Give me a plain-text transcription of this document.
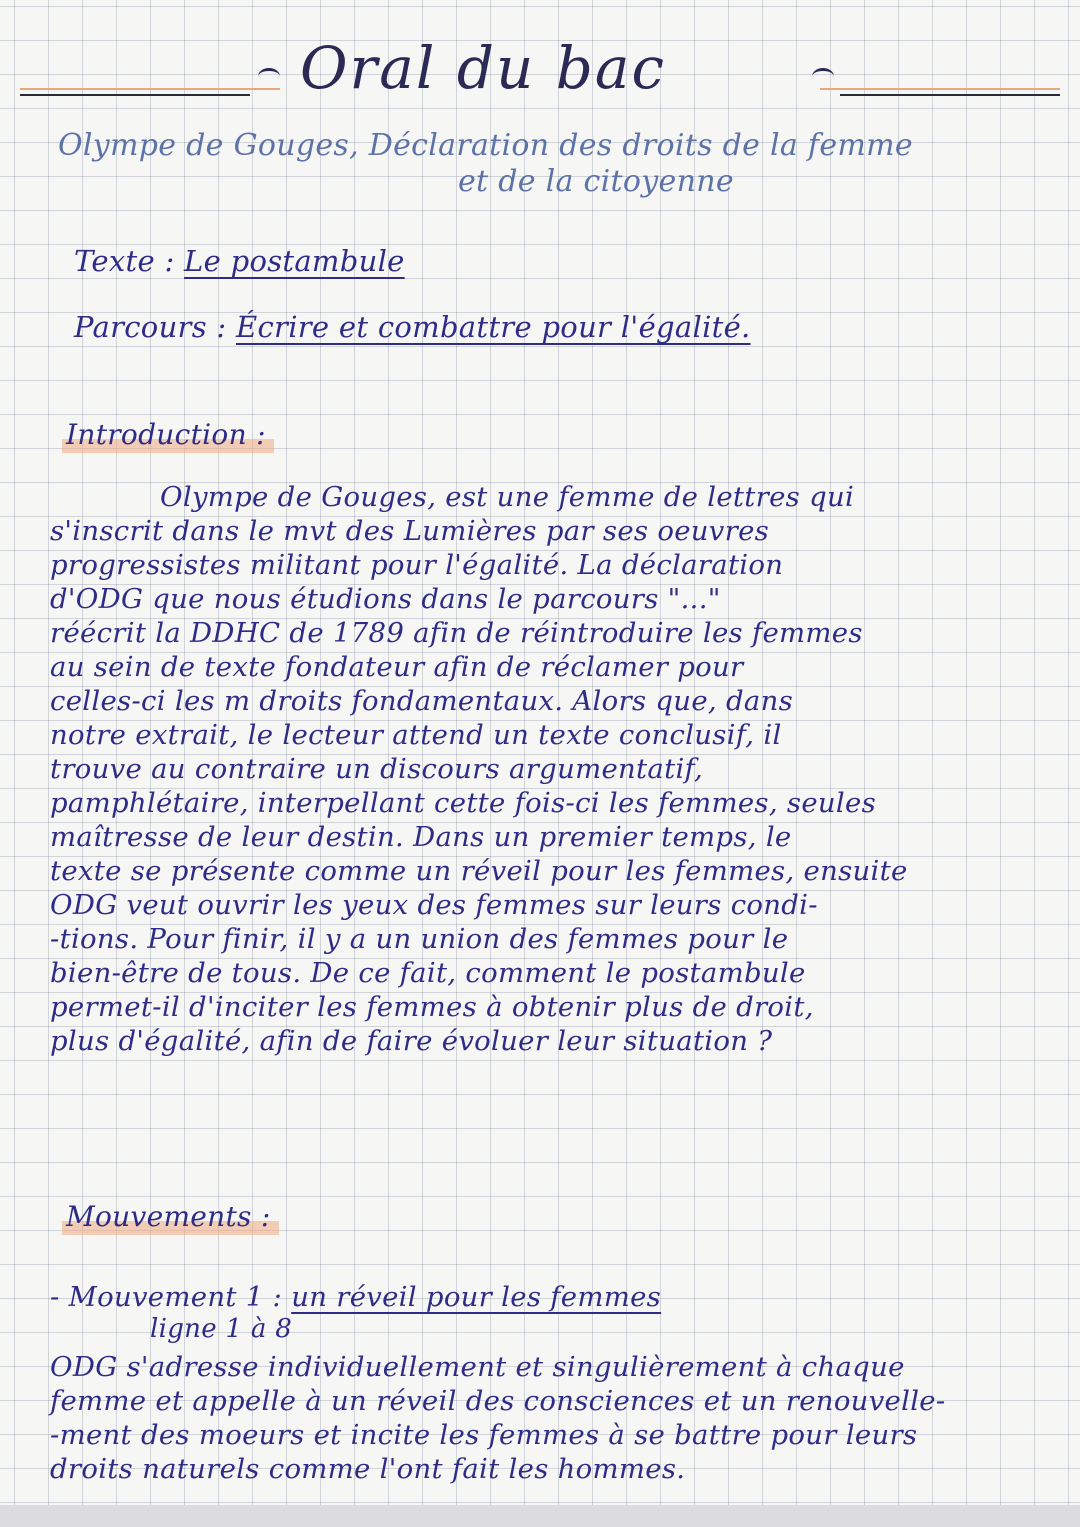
Oral du bac
Olympe de Gouges, Déclaration des droits de la femme
et de la citoyenne
Texte : Le postambule
Parcours : Écrire et combattre pour l'égalité.
Introduction :
Olympe de Gouges, est une femme de lettres qui
s'inscrit dans le mvt des Lumières par ses oeuvres
progressistes militant pour l'égalité. La déclaration
d'ODG que nous étudions dans le parcours "..."
réécrit la DDHC de 1789 afin de réintroduire les femmes
au sein de texte fondateur afin de réclamer pour
celles-ci les m droits fondamentaux. Alors que, dans
notre extrait, le lecteur attend un texte conclusif, il
trouve au contraire un discours argumentatif,
pamphlétaire, interpellant cette fois-ci les femmes, seules
maîtresse de leur destin. Dans un premier temps, le
texte se présente comme un réveil pour les femmes, ensuite
ODG veut ouvrir les yeux des femmes sur leurs condi-
-tions. Pour finir, il y a un union des femmes pour le
bien-être de tous. De ce fait, comment le postambule
permet-il d'inciter les femmes à obtenir plus de droit,
plus d'égalité, afin de faire évoluer leur situation ?
Mouvements :
- Mouvement 1 : un réveil pour les femmes
ligne 1 à 8
ODG s'adresse individuellement et singulièrement à chaque
femme et appelle à un réveil des consciences et un renouvelle-
-ment des moeurs et incite les femmes à se battre pour leurs
droits naturels comme l'ont fait les hommes.
